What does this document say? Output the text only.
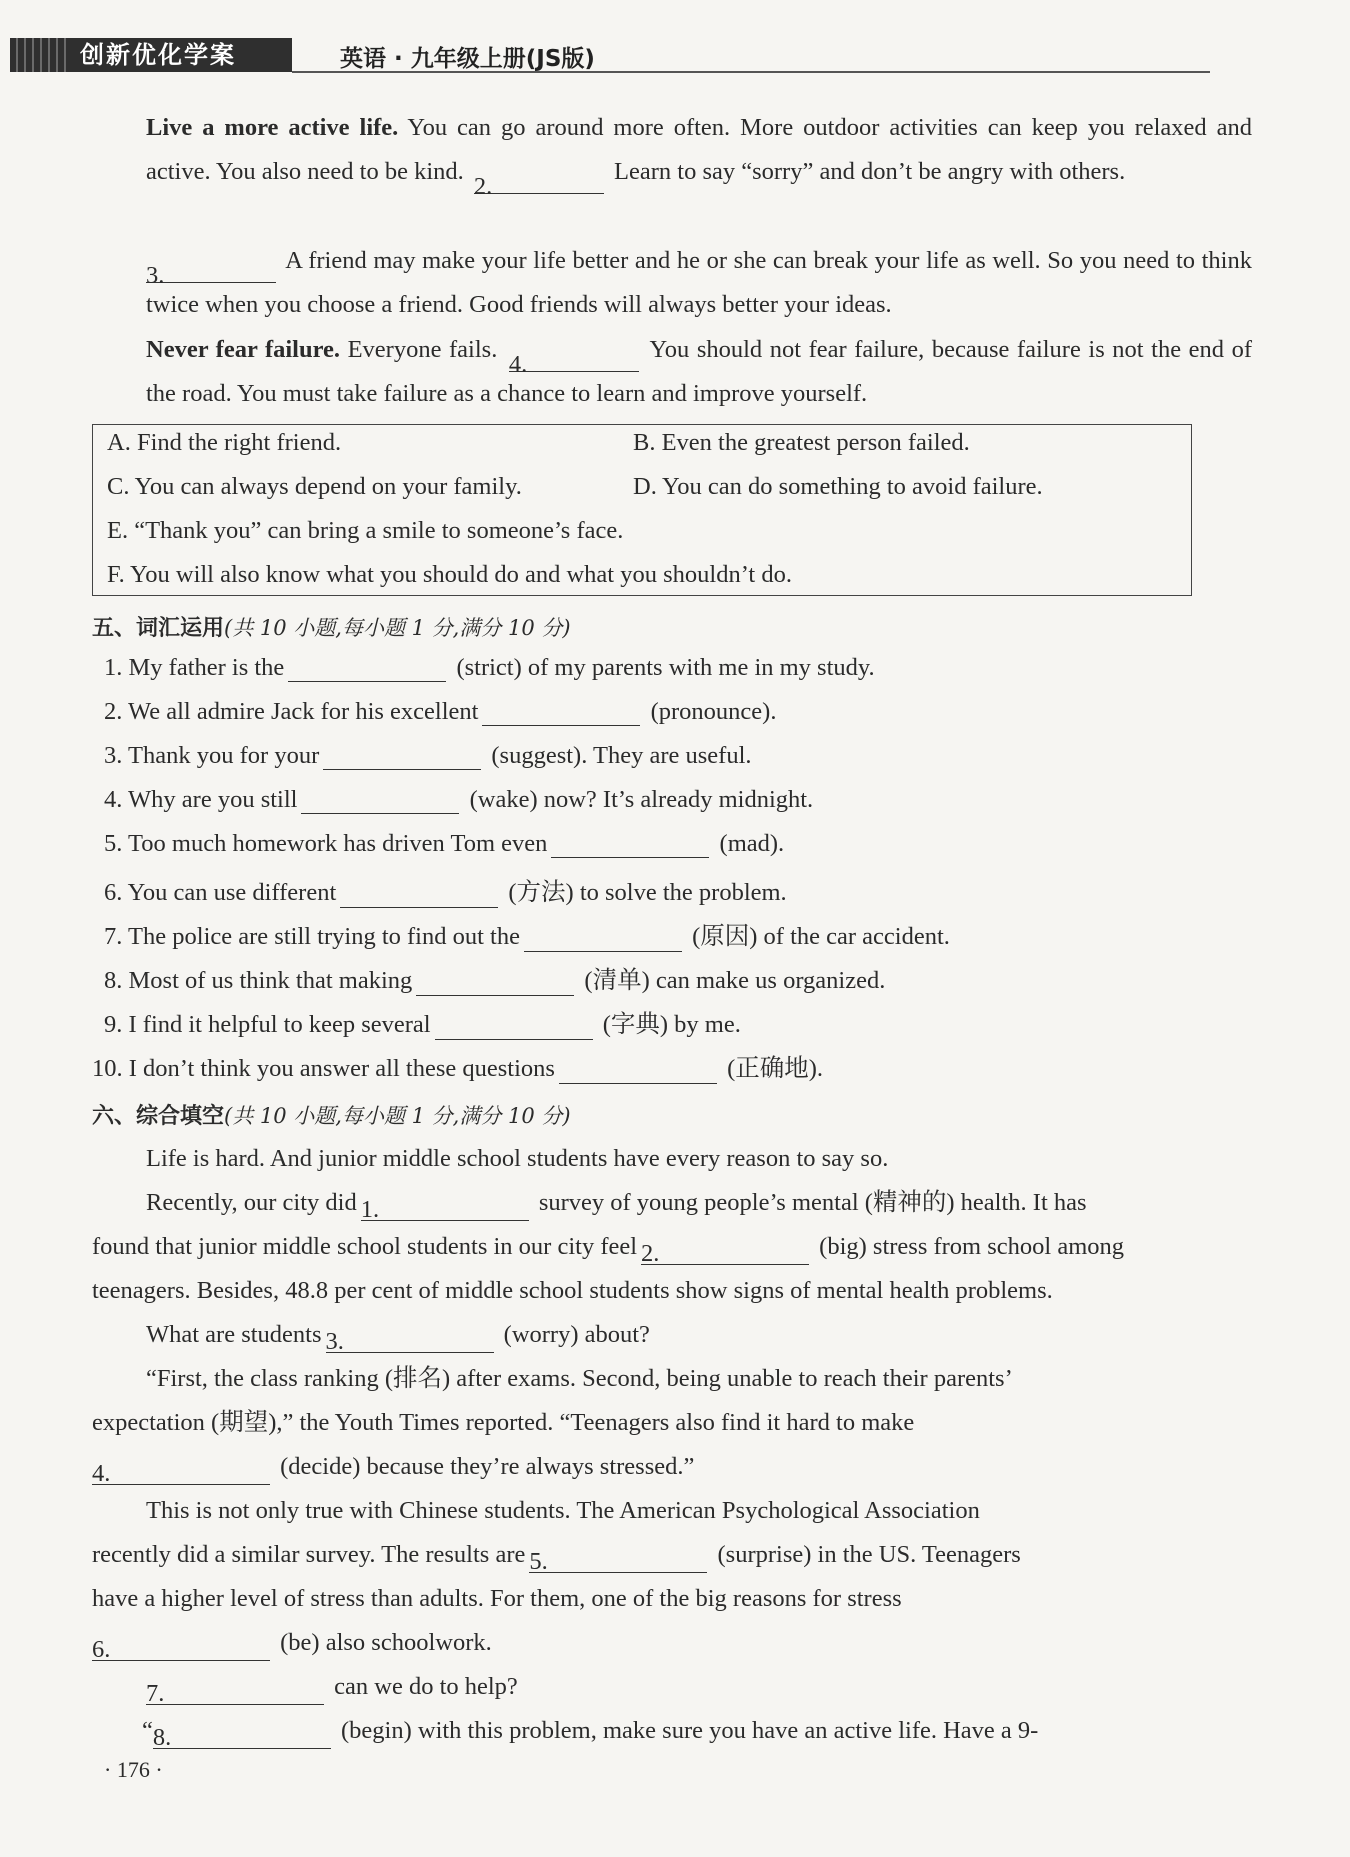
创新优化学案	英语 · 九年级上册(JS版)
Live a more active life. You can go around more often. More outdoor activities can keep you relaxed and active. You also need to be kind. 2. Learn to say “sorry” and don’t be angry with others.
3. A friend may make your life better and he or she can break your life as well. So you need to think twice when you choose a friend. Good friends will always better your ideas.
Never fear failure. Everyone fails. 4. You should not fear failure, because failure is not the end of the road. You must take failure as a chance to learn and improve yourself.
A. Find the right friend.	B. Even the greatest person failed.
C. You can always depend on your family.	D. You can do something to avoid failure.
E. “Thank you” can bring a smile to someone’s face.
F. You will also know what you should do and what you shouldn’t do.
五、词汇运用(共 10 小题,每小题 1 分,满分 10 分)
1. My father is the	(strict) of my parents with me in my study.
2. We all admire Jack for his excellent	(pronounce).
3. Thank you for your	(suggest). They are useful.
4. Why are you still	(wake) now? It’s already midnight.
5. Too much homework has driven Tom even	(mad).
6. You can use different	(方法) to solve the problem.
7. The police are still trying to find out the	(原因) of the car accident.
8. Most of us think that making	(清单) can make us organized.
9. I find it helpful to keep several	(字典) by me.
10. I don’t think you answer all these questions	(正确地).
六、综合填空(共 10 小题,每小题 1 分,满分 10 分)
Life is hard. And junior middle school students have every reason to say so.
Recently, our city did 1.	survey of young people’s mental (精神的) health. It has
found that junior middle school students in our city feel 2.	(big) stress from school among
teenagers. Besides, 48.8 per cent of middle school students show signs of mental health problems.
What are students 3.	(worry) about?
“First, the class ranking (排名) after exams. Second, being unable to reach their parents’
expectation (期望),” the Youth Times reported. “Teenagers also find it hard to make
4.	(decide) because they’re always stressed.”
This is not only true with Chinese students. The American Psychological Association
recently did a similar survey. The results are 5.	(surprise) in the US. Teenagers
have a higher level of stress than adults. For them, one of the big reasons for stress
6.	(be) also schoolwork.
7.	can we do to help?
“8.	(begin) with this problem, make sure you have an active life. Have a 9-
· 176 ·
